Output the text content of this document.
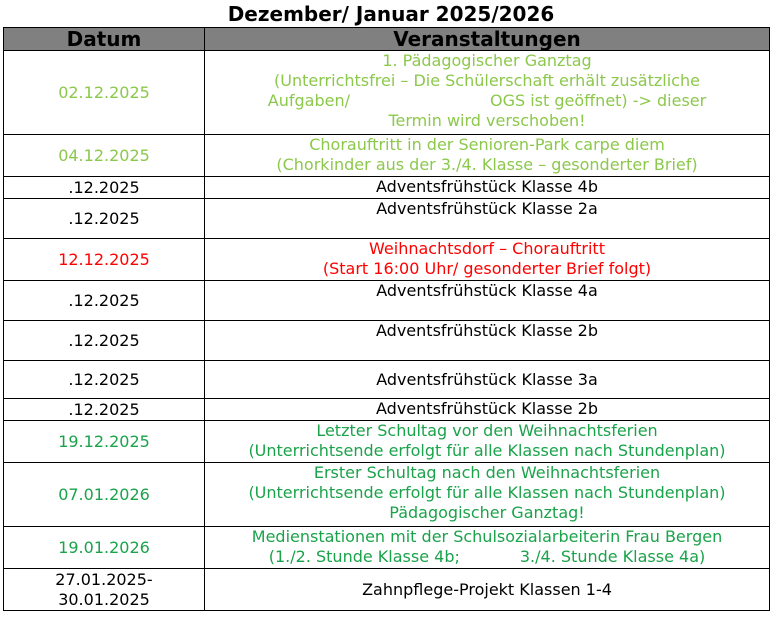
Dezember/ Januar 2025/2026
Datum	Veranstaltungen
02.12.2025	1. Pädagogischer Ganztag
(Unterrichtsfrei – Die Schülerschaft erhält zusätzliche
Aufgaben/ OGS ist geöffnet) -> dieser
Termin wird verschoben!

04.12.2025	Chorauftritt in der Senioren-Park carpe diem
(Chorkinder aus der 3./4. Klasse – gesonderter Brief)

.12.2025	Adventsfrühstück Klasse 4b

.12.2025	Adventsfrühstück Klasse 2a

12.12.2025	Weihnachtsdorf – Chorauftritt
(Start 16:00 Uhr/ gesonderter Brief folgt)

.12.2025	Adventsfrühstück Klasse 4a

.12.2025	Adventsfrühstück Klasse 2b

.12.2025	Adventsfrühstück Klasse 3a

.12.2025	Adventsfrühstück Klasse 2b

19.12.2025	Letzter Schultag vor den Weihnachtsferien
(Unterrichtsende erfolgt für alle Klassen nach Stundenplan)

07.01.2026	Erster Schultag nach den Weihnachtsferien
(Unterrichtsende erfolgt für alle Klassen nach Stundenplan)
Pädagogischer Ganztag!

19.01.2026	Medienstationen mit der Schulsozialarbeiterin Frau Bergen
(1./2. Stunde Klasse 4b; 3./4. Stunde Klasse 4a)

27.01.2025-
30.01.2025	Zahnpflege-Projekt Klassen 1-4
